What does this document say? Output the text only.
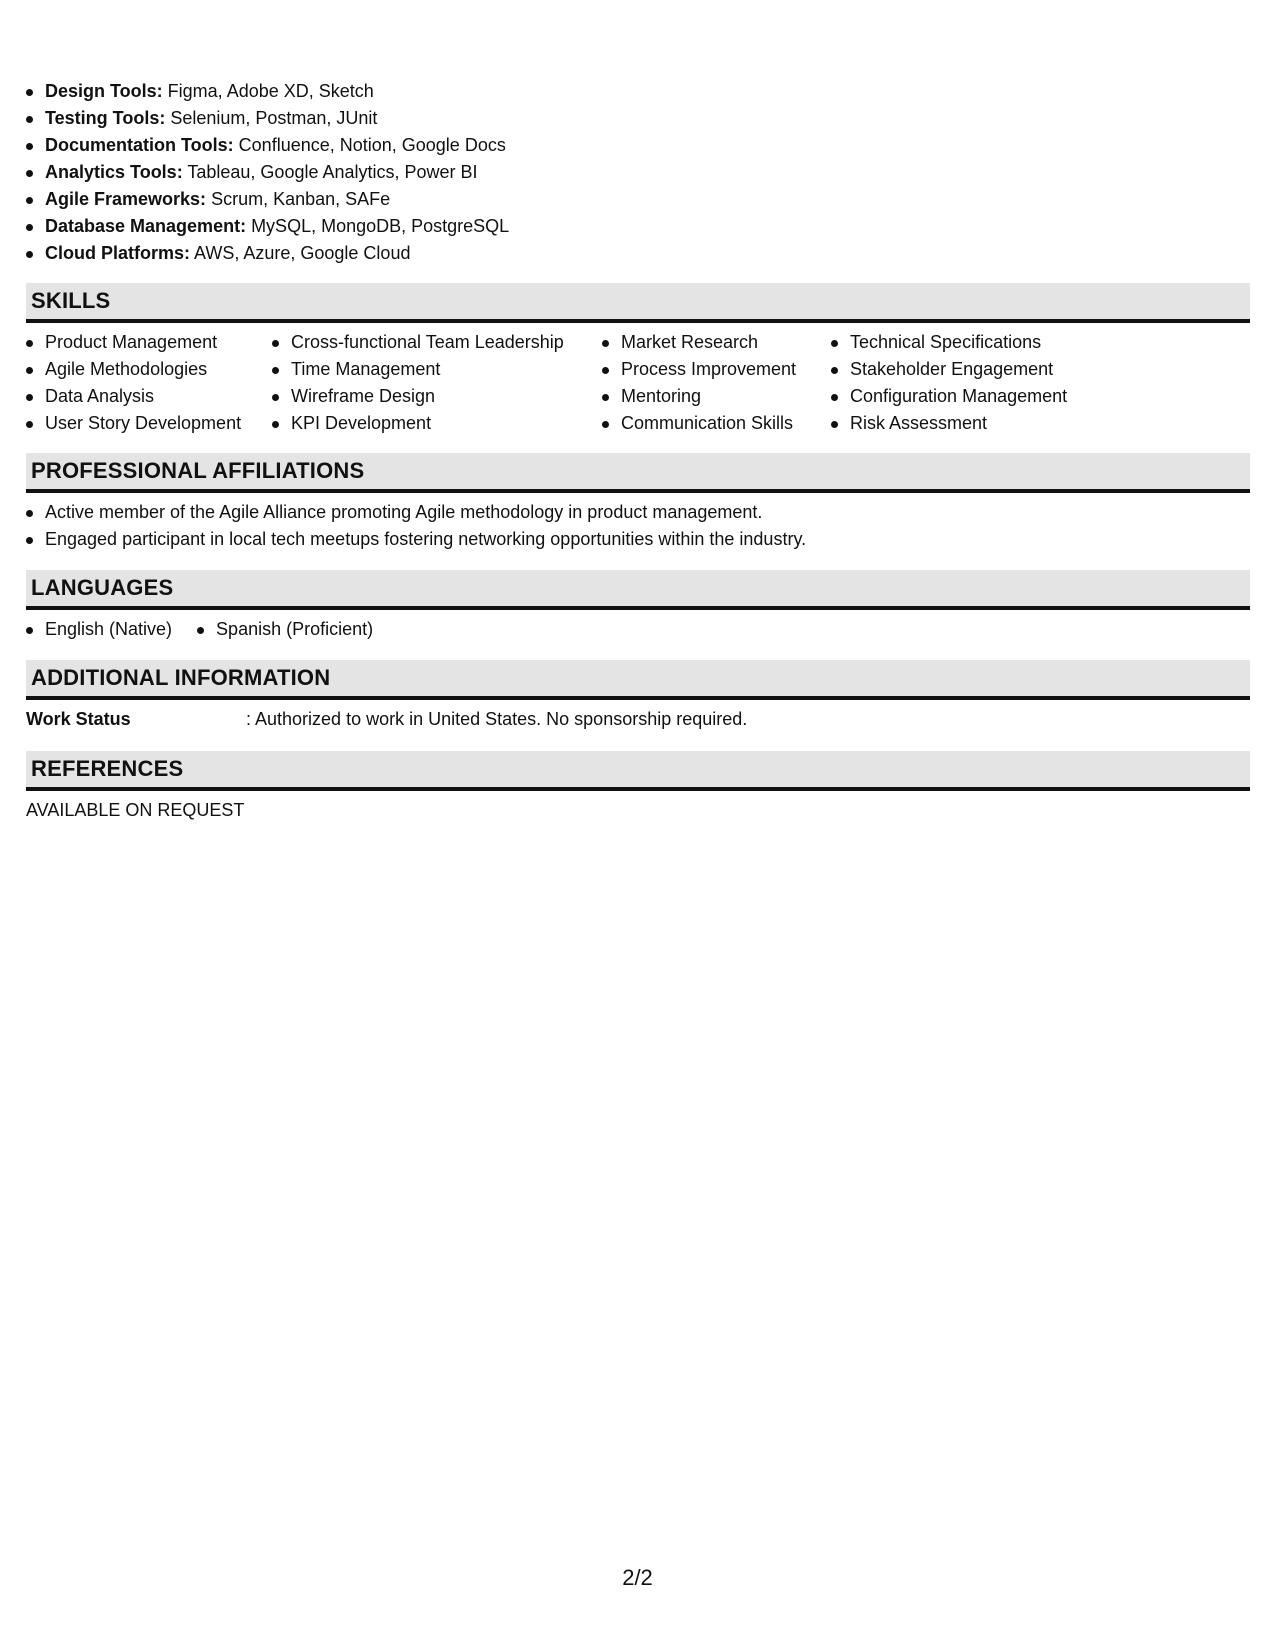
Design Tools: Figma, Adobe XD, Sketch
Testing Tools: Selenium, Postman, JUnit
Documentation Tools: Confluence, Notion, Google Docs
Analytics Tools: Tableau, Google Analytics, Power BI
Agile Frameworks: Scrum, Kanban, SAFe
Database Management: MySQL, MongoDB, PostgreSQL
Cloud Platforms: AWS, Azure, Google Cloud
SKILLS
Product Management
Agile Methodologies
Data Analysis
User Story Development
Cross-functional Team Leadership
Time Management
Wireframe Design
KPI Development
Market Research
Process Improvement
Mentoring
Communication Skills
Technical Specifications
Stakeholder Engagement
Configuration Management
Risk Assessment
PROFESSIONAL AFFILIATIONS
Active member of the Agile Alliance promoting Agile methodology in product management.
Engaged participant in local tech meetups fostering networking opportunities within the industry.
LANGUAGES
English (Native)	Spanish (Proficient)
ADDITIONAL INFORMATION
Work Status	: Authorized to work in United States. No sponsorship required.
REFERENCES
AVAILABLE ON REQUEST
2/2
